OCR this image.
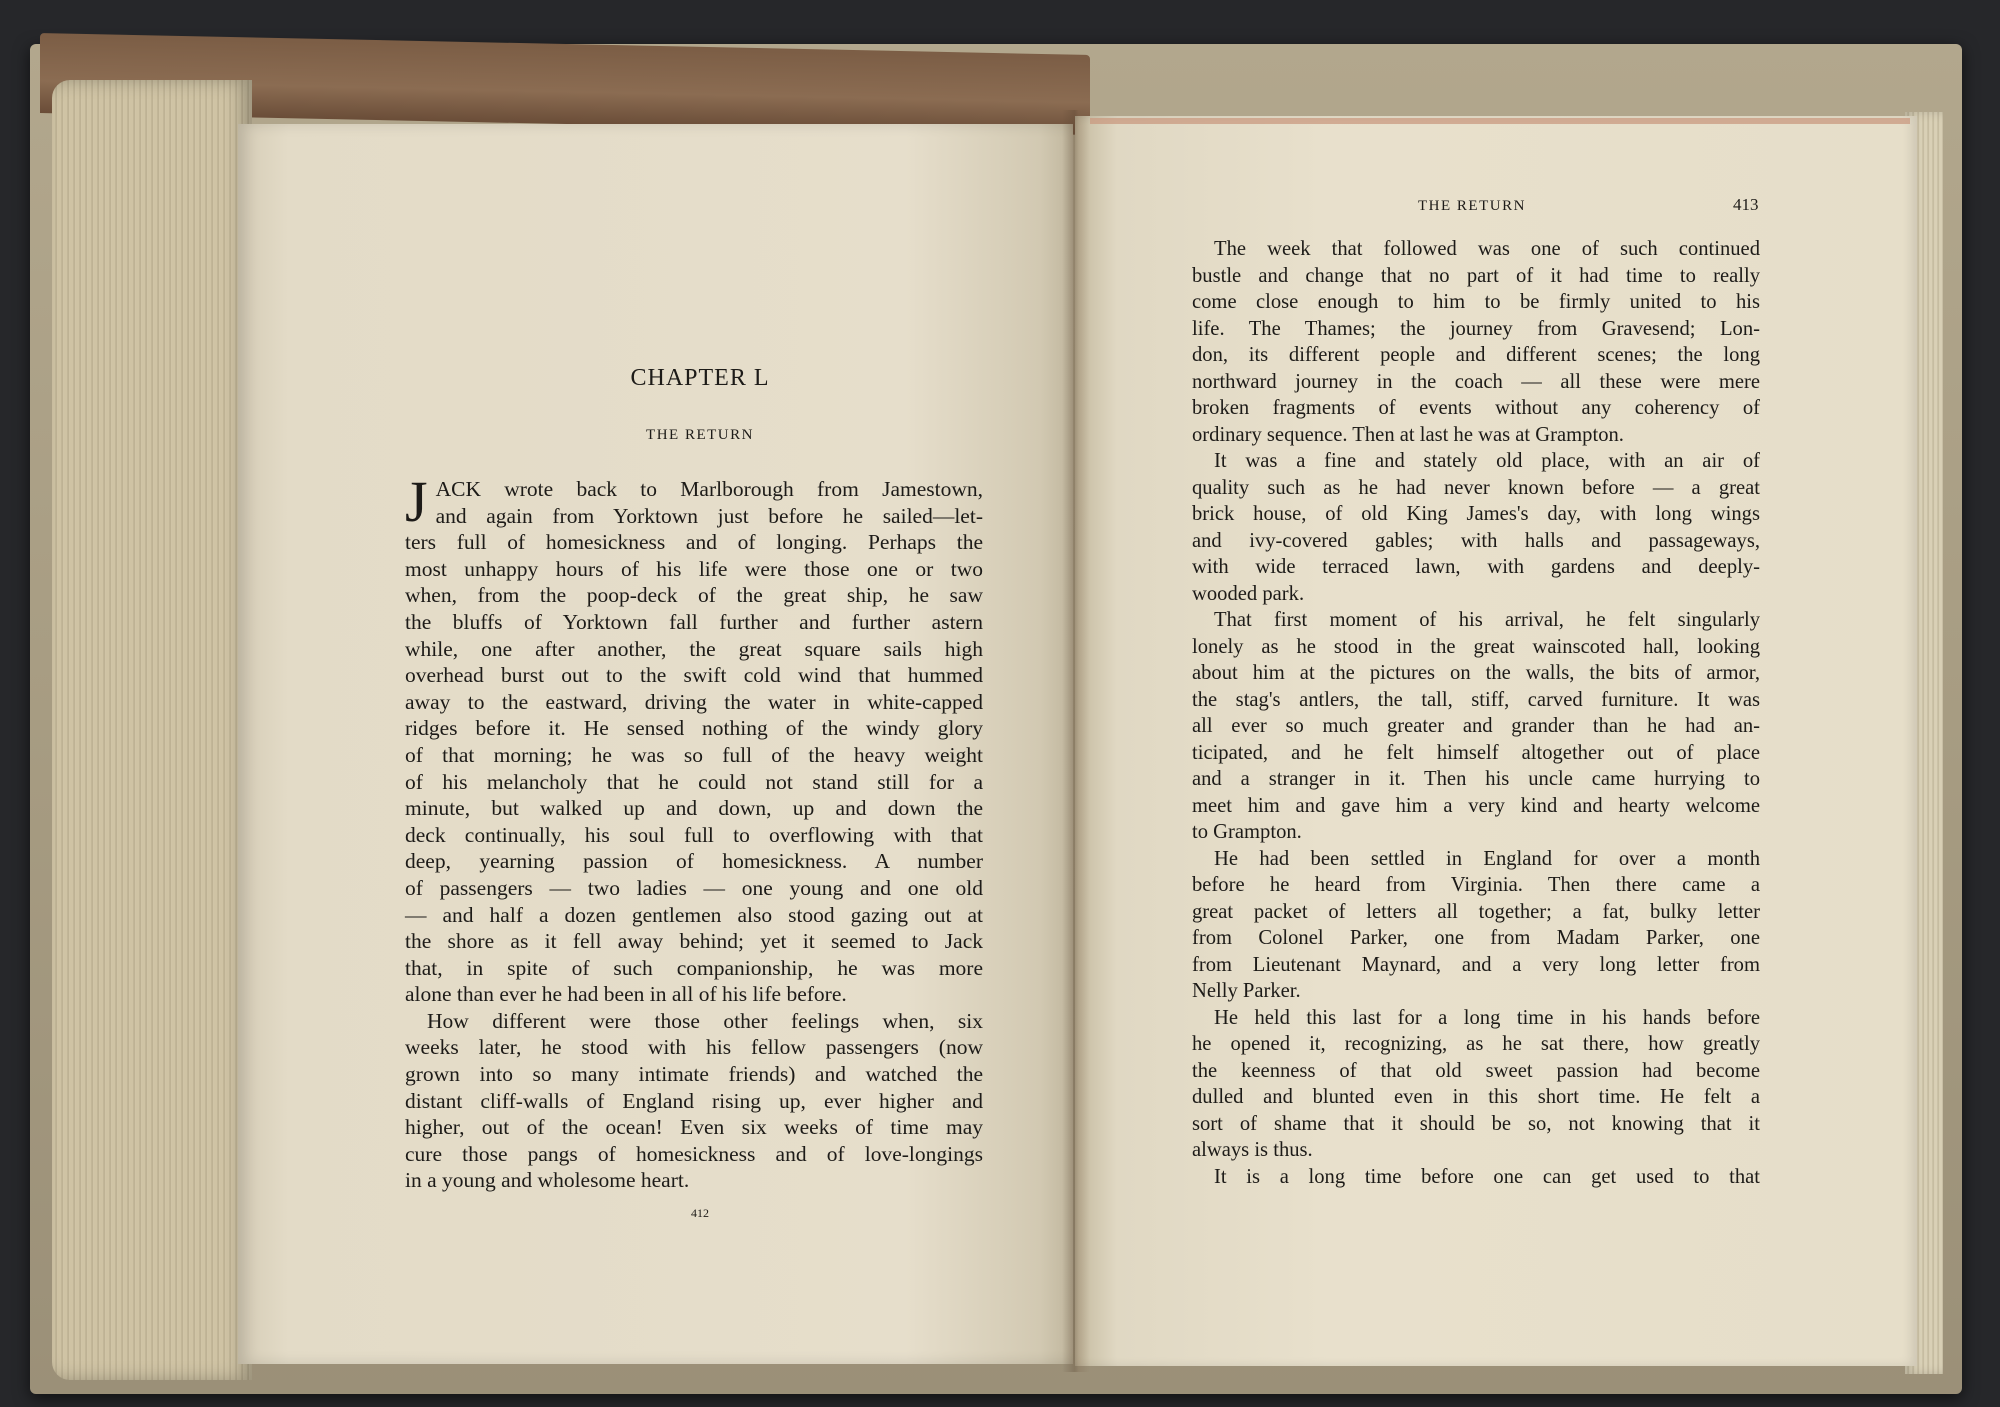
CHAPTER L
THE RETURN
J ACK wrote back to Marlborough from Jamestown,
and again from Yorktown just before he sailed—let-
ters full of homesickness and of longing. Perhaps the
most unhappy hours of his life were those one or two
when, from the poop-deck of the great ship, he saw
the bluffs of Yorktown fall further and further astern
while, one after another, the great square sails high
overhead burst out to the swift cold wind that hummed
away to the eastward, driving the water in white-capped
ridges before it. He sensed nothing of the windy glory
of that morning; he was so full of the heavy weight
of his melancholy that he could not stand still for a
minute, but walked up and down, up and down the
deck continually, his soul full to overflowing with that
deep, yearning passion of homesickness. A number
of passengers — two ladies — one young and one old
— and half a dozen gentlemen also stood gazing out at
the shore as it fell away behind; yet it seemed to Jack
that, in spite of such companionship, he was more
alone than ever he had been in all of his life before.
How different were those other feelings when, six
weeks later, he stood with his fellow passengers (now
grown into so many intimate friends) and watched the
distant cliff-walls of England rising up, ever higher and
higher, out of the ocean! Even six weeks of time may
cure those pangs of homesickness and of love-longings
in a young and wholesome heart.
412
THE RETURN	413
The week that followed was one of such continued
bustle and change that no part of it had time to really
come close enough to him to be firmly united to his
life. The Thames; the journey from Gravesend; Lon-
don, its different people and different scenes; the long
northward journey in the coach — all these were mere
broken fragments of events without any coherency of
ordinary sequence. Then at last he was at Grampton.
It was a fine and stately old place, with an air of
quality such as he had never known before — a great
brick house, of old King James's day, with long wings
and ivy-covered gables; with halls and passageways,
with wide terraced lawn, with gardens and deeply-
wooded park.
That first moment of his arrival, he felt singularly
lonely as he stood in the great wainscoted hall, looking
about him at the pictures on the walls, the bits of armor,
the stag's antlers, the tall, stiff, carved furniture. It was
all ever so much greater and grander than he had an-
ticipated, and he felt himself altogether out of place
and a stranger in it. Then his uncle came hurrying to
meet him and gave him a very kind and hearty welcome
to Grampton.
He had been settled in England for over a month
before he heard from Virginia. Then there came a
great packet of letters all together; a fat, bulky letter
from Colonel Parker, one from Madam Parker, one
from Lieutenant Maynard, and a very long letter from
Nelly Parker.
He held this last for a long time in his hands before
he opened it, recognizing, as he sat there, how greatly
the keenness of that old sweet passion had become
dulled and blunted even in this short time. He felt a
sort of shame that it should be so, not knowing that it
always is thus.
It is a long time before one can get used to that
